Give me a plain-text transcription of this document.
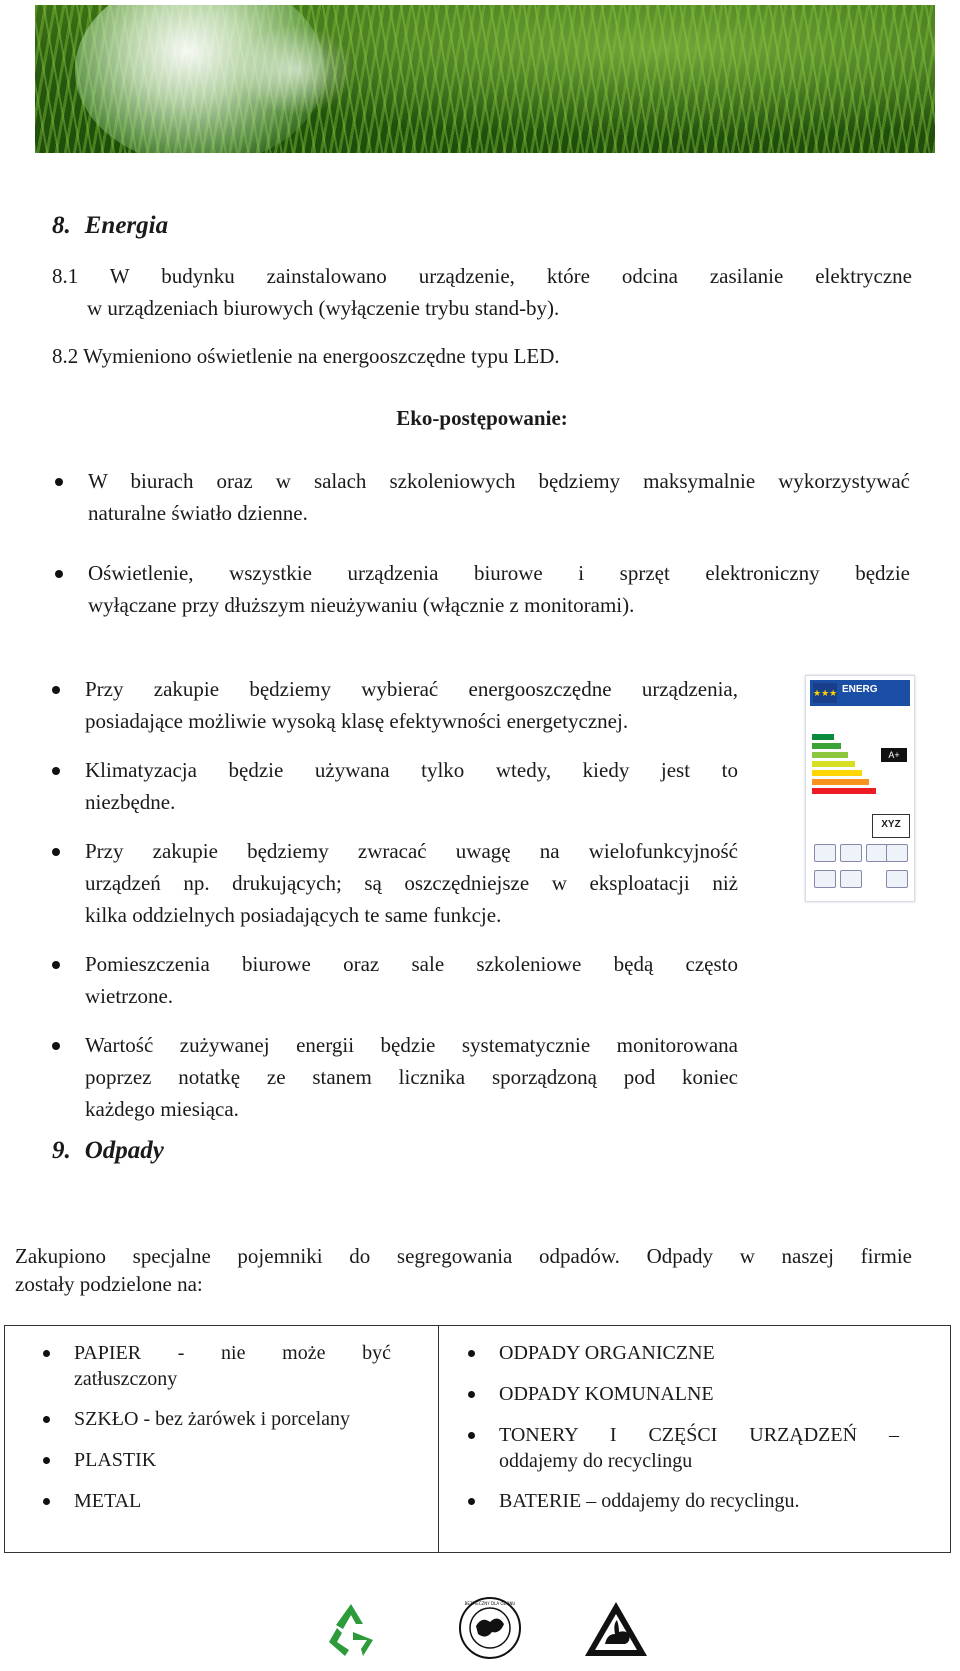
8. Energia

8.1 W budynku zainstalowano urządzenie, które odcina zasilanie elektryczne

w urządzeniach biurowych (wyłączenie trybu stand-by).

8.2 Wymieniono oświetlenie na energooszczędne typu LED.

Eko-postępowanie:

W biurach oraz w salach szkoleniowych będziemy maksymalnie wykorzystywać
naturalne światło dzienne.
Oświetlenie, wszystkie urządzenia biurowe i sprzęt elektroniczny będzie
wyłączane przy dłuższym nieużywaniu (włącznie z monitorami).
Przy zakupie będziemy wybierać energooszczędne urządzenia,
posiadające możliwie wysoką klasę efektywności energetycznej.
Klimatyzacja będzie używana tylko wtedy, kiedy jest to
niezbędne.
Przy zakupie będziemy zwracać uwagę na wielofunkcyjność
urządzeń np. drukujących; są oszczędniejsze w eksploatacji niż
kilka oddzielnych posiadających te same funkcje.
Pomieszczenia biurowe oraz sale szkoleniowe będą często
wietrzone.
Wartość zużywanej energii będzie systematycznie monitorowana
poprzez notatkę ze stanem licznika sporządzoną pod koniec
każdego miesiąca.
★★★ ENERG
A+
XYZ
9. Odpady

Zakupiono specjalne pojemniki do segregowania odpadów. Odpady w naszej firmie

zostały podzielone na:

PAPIER - nie może być
zatłuszczony
SZKŁO - bez żarówek i porcelany
PLASTIK
METAL

ODPADY ORGANICZNE
ODPADY KOMUNALNE
TONERY I CZĘŚCI URZĄDZEŃ –
oddajemy do recyclingu
BATERIE – oddajemy do recyclingu.
BEZPIECZNY DLA OZONU
